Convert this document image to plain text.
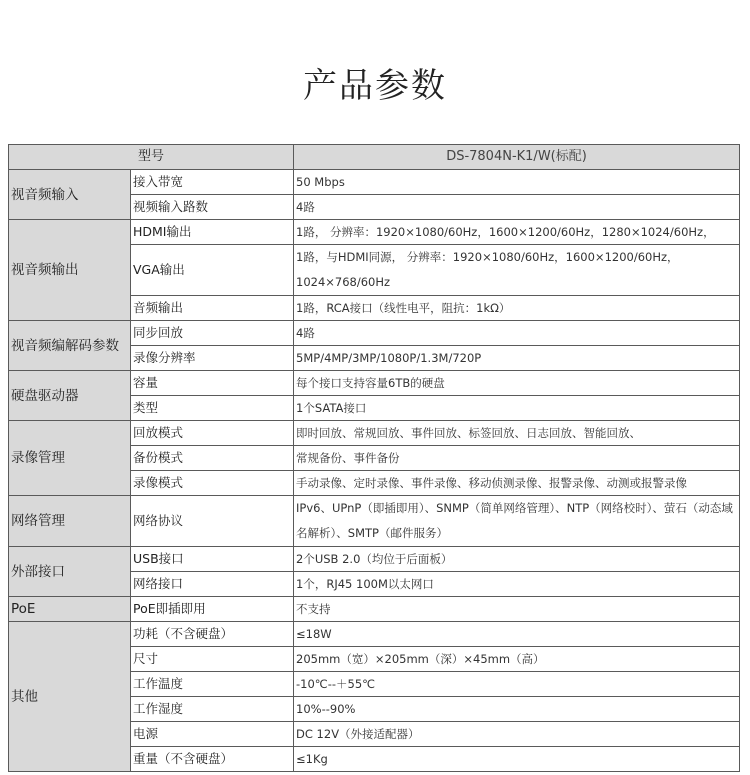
产品参数
型号		DS-7804N-K1/W(标配)
视音频输入	接入带宽	50 Mbps
	视频输入路数	4路
视音频输出	HDMI输出	1路， 分辨率：1920×1080/60Hz，1600×1200/60Hz，1280×1024/60Hz，
	VGA输出	1路，与HDMI同源， 分辨率：1920×1080/60Hz，1600×1200/60Hz，1024×768/60Hz
	音频输出	1路，RCA接口（线性电平，阻抗：1kΩ）
视音频编解码参数	同步回放	4路
	录像分辨率	5MP/4MP/3MP/1080P/1.3M/720P
硬盘驱动器	容量	每个接口支持容量6TB的硬盘
	类型	1个SATA接口
录像管理	回放模式	即时回放、常规回放、事件回放、标签回放、日志回放、智能回放、
	备份模式	常规备份、事件备份
	录像模式	手动录像、定时录像、事件录像、移动侦测录像、报警录像、动测或报警录像
网络管理	网络协议	IPv6、UPnP（即插即用）、SNMP（简单网络管理）、NTP（网络校时）、萤石（动态域名解析）、SMTP（邮件服务）
外部接口	USB接口	2个USB 2.0（均位于后面板）
	网络接口	1个，RJ45 100M以太网口
PoE	PoE即插即用	不支持
其他	功耗（不含硬盘）	≤18W
	尺寸	205mm（宽）×205mm（深）×45mm（高）
	工作温度	-10℃--＋55℃
	工作湿度	10%--90%
	电源	DC 12V（外接适配器）
	重量（不含硬盘）	≤1Kg
